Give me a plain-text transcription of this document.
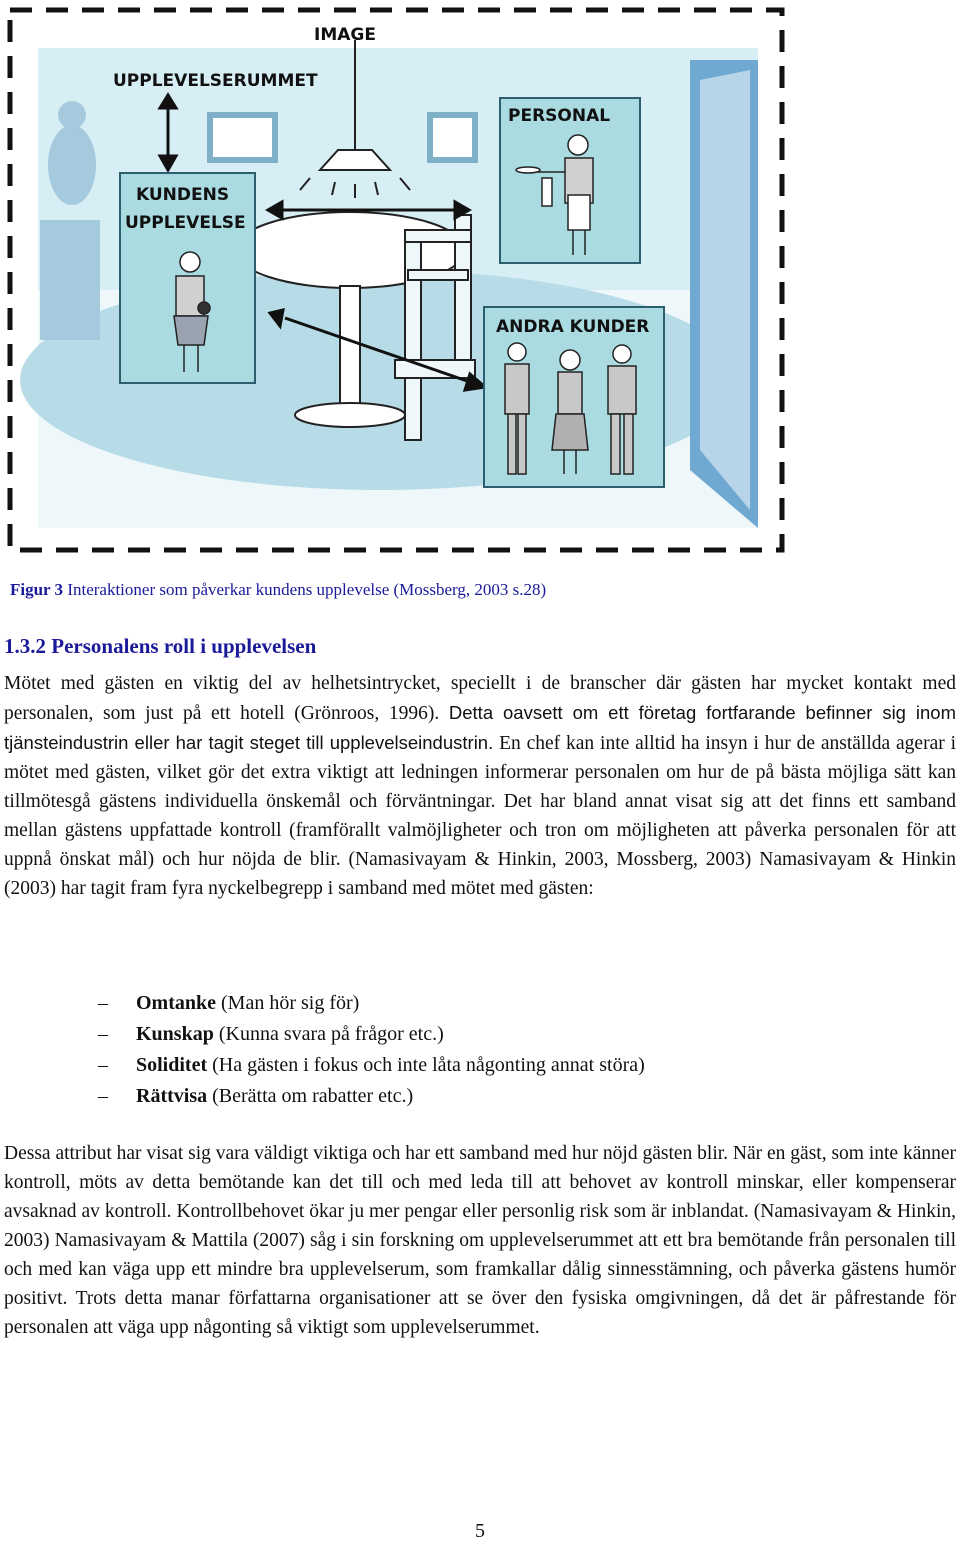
IMAGE
UPPLEVELSERUMMET
KUNDENS
UPPLEVELSE
PERSONAL
ANDRA KUNDER
Figur 3 Interaktioner som påverkar kundens upplevelse (Mossberg, 2003 s.28)
1.3.2 Personalens roll i upplevelsen

Mötet med gästen en viktig del av helhetsintrycket, speciellt i de branscher där gästen har mycket kontakt med personalen, som just på ett hotell (Grönroos, 1996). Detta oavsett om ett företag fortfarande befinner sig inom tjänsteindustrin eller har tagit steget till upplevelseindustrin. En chef kan inte alltid ha insyn i hur de anställda agerar i mötet med gästen, vilket gör det extra viktigt att ledningen informerar personalen om hur de på bästa möjliga sätt kan tillmötesgå gästens individuella önskemål och förväntningar. Det har bland annat visat sig att det finns ett samband mellan gästens uppfattade kontroll (framförallt valmöjligheter och tron om möjligheten att påverka personalen för att uppnå önskat mål) och hur nöjda de blir. (Namasivayam & Hinkin, 2003, Mossberg, 2003) Namasivayam & Hinkin (2003) har tagit fram fyra nyckelbegrepp i samband med mötet med gästen:

– Omtanke (Man hör sig för)
– Kunskap (Kunna svara på frågor etc.)
– Soliditet (Ha gästen i fokus och inte låta någonting annat störa)
– Rättvisa (Berätta om rabatter etc.)

Dessa attribut har visat sig vara väldigt viktiga och har ett samband med hur nöjd gästen blir. När en gäst, som inte känner kontroll, möts av detta bemötande kan det till och med leda till att behovet av kontroll minskar, eller kompenserar avsaknad av kontroll. Kontrollbehovet ökar ju mer pengar eller personlig risk som är inblandat. (Namasivayam & Hinkin, 2003) Namasivayam & Mattila (2007) såg i sin forskning om upplevelserummet att ett bra bemötande från personalen till och med kan väga upp ett mindre bra upplevelserum, som framkallar dålig sinnesstämning, och påverka gästens humör positivt. Trots detta manar författarna organisationer att se över den fysiska omgivningen, då det är påfrestande för personalen att väga upp någonting så viktigt som upplevelserummet.

5
